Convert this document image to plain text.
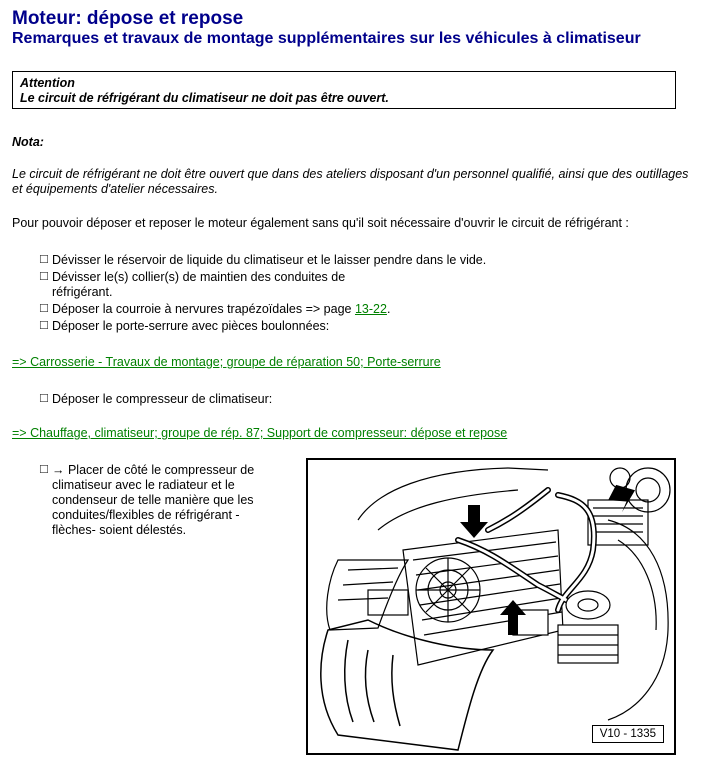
Moteur: dépose et repose
Remarques et travaux de montage supplémentaires sur les véhicules à climatiseur
Attention
Le circuit de réfrigérant du climatiseur ne doit pas être ouvert.
Nota:
Le circuit de réfrigérant ne doit être ouvert que dans des ateliers disposant d'un personnel qualifié, ainsi que des outillages et équipements d'atelier nécessaires.
Pour pouvoir déposer et reposer le moteur également sans qu'il soit nécessaire d'ouvrir le circuit de réfrigérant :
☐ Dévisser le réservoir de liquide du climatiseur et le laisser pendre dans le vide.
☐ Dévisser le(s) collier(s) de maintien des conduites de réfrigérant.
☐ Déposer la courroie à nervures trapézoïdales => page 13-22.
☐ Déposer le porte-serrure avec pièces boulonnées:
=> Carrosserie - Travaux de montage; groupe de réparation 50; Porte-serrure
☐ Déposer le compresseur de climatiseur:
=> Chauffage, climatiseur; groupe de rép. 87; Support de compresseur: dépose et repose
☐ → Placer de côté le compresseur de climatiseur avec le radiateur et le condenseur de telle manière que les conduites/flexibles de réfrigérant - flèches- soient délestés.
V10 - 1335
